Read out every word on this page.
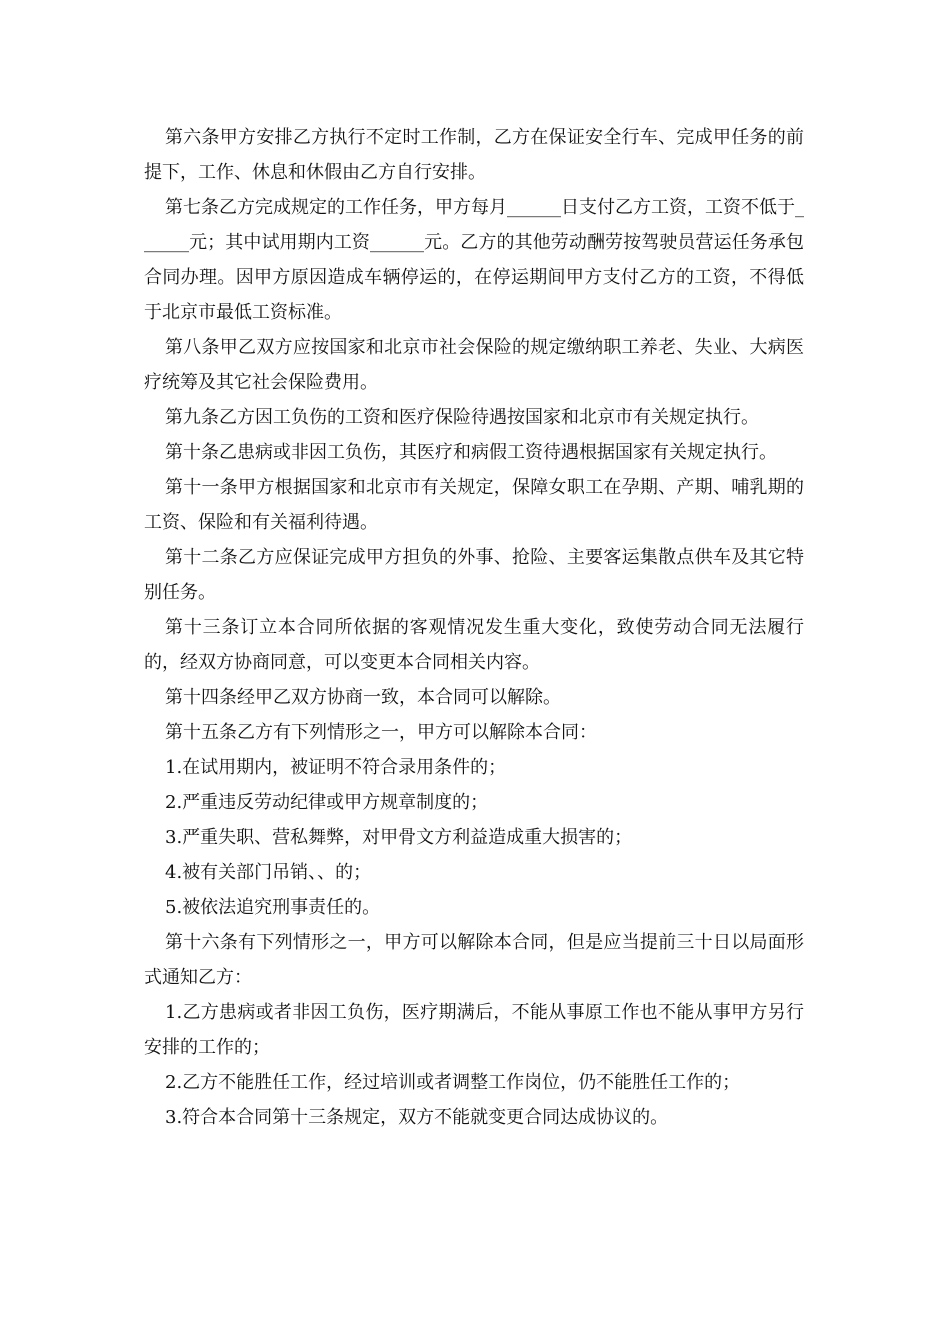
第六条甲方安排乙方执行不定时工作制，乙方在保证安全行车、完成甲任务的前提下，工作、休息和休假由乙方自行安排。

第七条乙方完成规定的工作任务，甲方每月______日支付乙方工资，工资不低于______元；其中试用期内工资______元。乙方的其他劳动酬劳按驾驶员营运任务承包合同办理。因甲方原因造成车辆停运的，在停运期间甲方支付乙方的工资，不得低于北京市最低工资标准。

第八条甲乙双方应按国家和北京市社会保险的规定缴纳职工养老、失业、大病医疗统筹及其它社会保险费用。

第九条乙方因工负伤的工资和医疗保险待遇按国家和北京市有关规定执行。

第十条乙患病或非因工负伤，其医疗和病假工资待遇根据国家有关规定执行。

第十一条甲方根据国家和北京市有关规定，保障女职工在孕期、产期、哺乳期的工资、保险和有关福利待遇。

第十二条乙方应保证完成甲方担负的外事、抢险、主要客运集散点供车及其它特别任务。

第十三条订立本合同所依据的客观情况发生重大变化，致使劳动合同无法履行的，经双方协商同意，可以变更本合同相关内容。

第十四条经甲乙双方协商一致，本合同可以解除。

第十五条乙方有下列情形之一，甲方可以解除本合同：

1.在试用期内，被证明不符合录用条件的；

2.严重违反劳动纪律或甲方规章制度的；

3.严重失职、营私舞弊，对甲骨文方利益造成重大损害的；

4.被有关部门吊销、、的；

5.被依法追究刑事责任的。

第十六条有下列情形之一，甲方可以解除本合同，但是应当提前三十日以局面形式通知乙方：

1.乙方患病或者非因工负伤，医疗期满后，不能从事原工作也不能从事甲方另行安排的工作的；

2.乙方不能胜任工作，经过培训或者调整工作岗位，仍不能胜任工作的；

3.符合本合同第十三条规定，双方不能就变更合同达成协议的。
